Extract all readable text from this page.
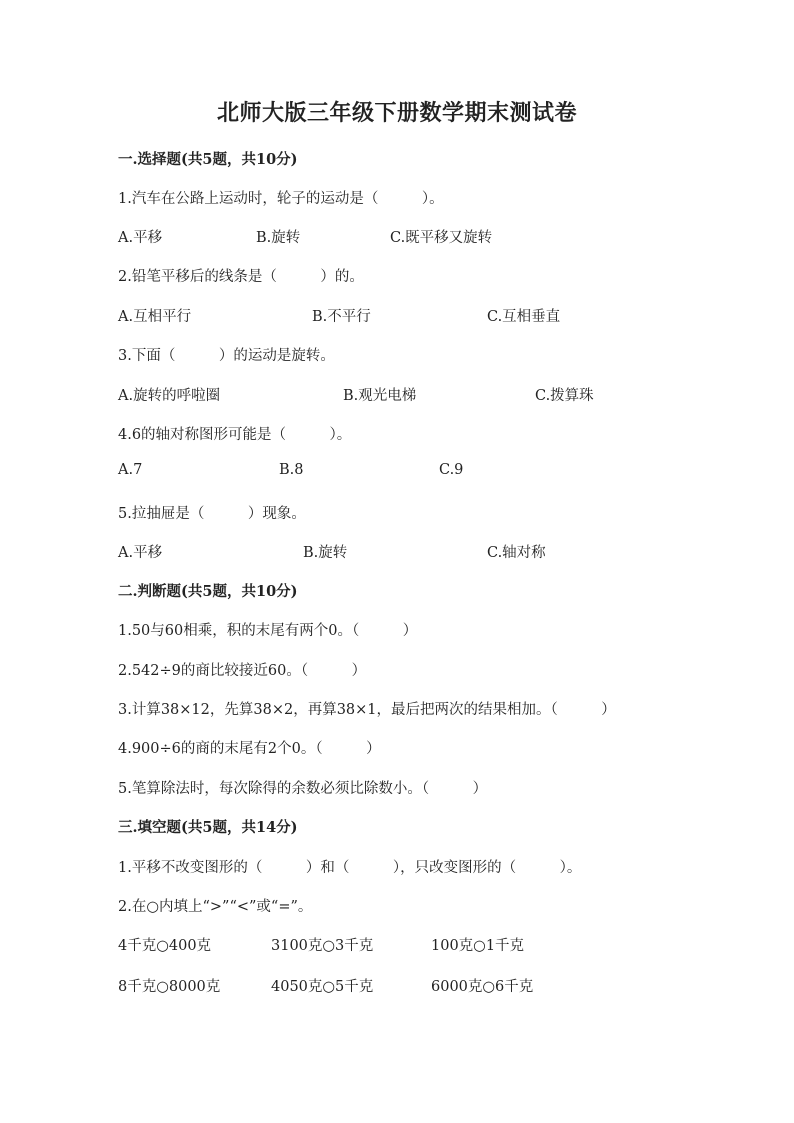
北师大版三年级下册数学期末测试卷
一.选择题(共5题，共10分)
1.汽车在公路上运动时，轮子的运动是（　　　）。
A.平移	B.旋转	C.既平移又旋转
2.铅笔平移后的线条是（　　　）的。
A.互相平行	B.不平行	C.互相垂直
3.下面（　　　）的运动是旋转。
A.旋转的呼啦圈	B.观光电梯	C.拨算珠
4.6的轴对称图形可能是（　　　）。
A.7	B.8	C.9
5.拉抽屉是（　　　）现象。
A.平移	B.旋转	C.轴对称
二.判断题(共5题，共10分)
1.50与60相乘，积的末尾有两个0。（　　　）
2.542÷9的商比较接近60。（　　　）
3.计算38×12，先算38×2，再算38×1，最后把两次的结果相加。（　　　）
4.900÷6的商的末尾有2个0。（　　　）
5.笔算除法时，每次除得的余数必须比除数小。（　　　）
三.填空题(共5题，共14分)
1.平移不改变图形的（　　　）和（　　　），只改变图形的（　　　）。
2.在○内填上“>”“<”或“=”。
4千克○400克	3100克○3千克	100克○1千克
8千克○8000克	4050克○5千克	6000克○6千克
